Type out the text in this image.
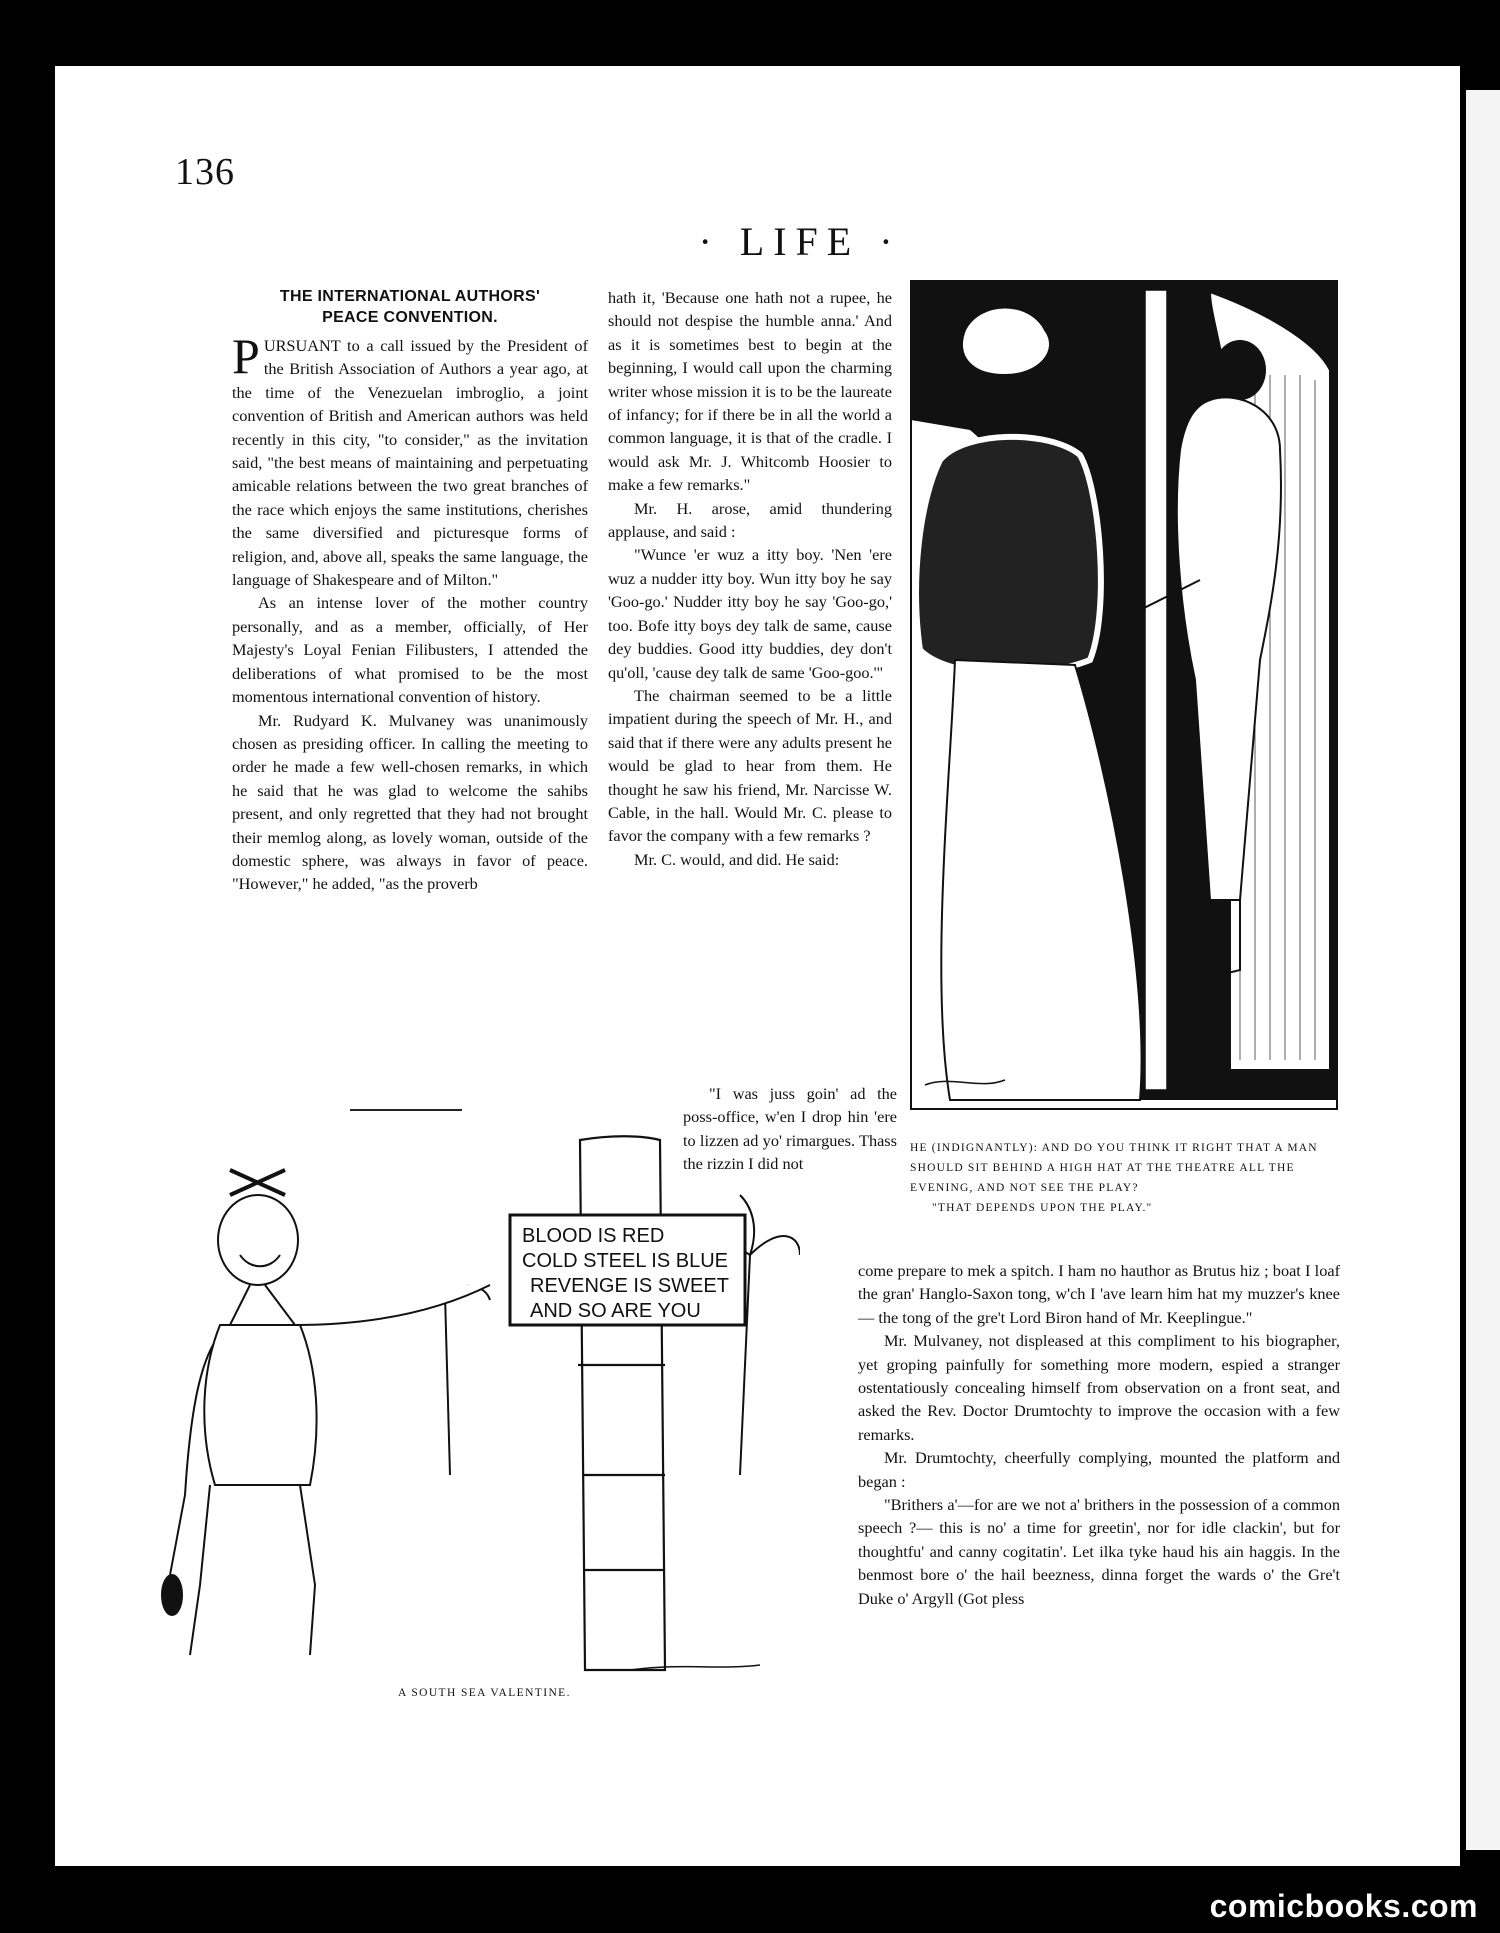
136
· LIFE ·
THE INTERNATIONAL AUTHORS'
PEACE CONVENTION.

PURSUANT to a call issued by the President of the British Association of Authors a year ago, at the time of the Venezuelan imbroglio, a joint convention of British and American authors was held recently in this city, "to consider," as the invitation said, "the best means of maintaining and perpetuating amicable relations between the two great branches of the race which enjoys the same institutions, cherishes the same diversified and picturesque forms of religion, and, above all, speaks the same language, the language of Shakespeare and of Milton."

As an intense lover of the mother country personally, and as a member, officially, of Her Majesty's Loyal Fenian Filibusters, I attended the deliberations of what promised to be the most momentous international convention of history.

Mr. Rudyard K. Mulvaney was unanimously chosen as presiding officer. In calling the meeting to order he made a few well-chosen remarks, in which he said that he was glad to welcome the sahibs present, and only regretted that they had not brought their memlog along, as lovely woman, outside of the domestic sphere, was always in favor of peace. "However," he added, "as the proverb

hath it, 'Because one hath not a rupee, he should not despise the humble anna.' And as it is sometimes best to begin at the beginning, I would call upon the charming writer whose mission it is to be the laureate of infancy; for if there be in all the world a common language, it is that of the cradle. I would ask Mr. J. Whitcomb Hoosier to make a few remarks."

Mr. H. arose, amid thundering applause, and said :

"Wunce 'er wuz a itty boy. 'Nen 'ere wuz a nudder itty boy. Wun itty boy he say 'Goo-go.' Nudder itty boy he say 'Goo-go,' too. Bofe itty boys dey talk de same, cause dey buddies. Good itty buddies, dey don't qu'oll, 'cause dey talk de same 'Goo-goo.'"

The chairman seemed to be a little impatient during the speech of Mr. H., and said that if there were any adults present he would be glad to hear from them. He thought he saw his friend, Mr. Narcisse W. Cable, in the hall. Would Mr. C. please to favor the company with a few remarks ?

Mr. C. would, and did. He said:

"I was juss goin' ad the poss-office, w'en I drop hin 'ere to lizzen ad yo' rimargues. Thass the rizzin I did not

HE (INDIGNANTLY): AND DO YOU THINK IT RIGHT THAT A MAN SHOULD SIT BEHIND A HIGH HAT AT THE THEATRE ALL THE EVENING, AND NOT SEE THE PLAY?

"THAT DEPENDS UPON THE PLAY."

BLOOD IS RED
COLD STEEL IS BLUE
REVENGE IS SWEET
AND SO ARE YOU
A SOUTH SEA VALENTINE.

come prepare to mek a spitch. I ham no hauthor as Brutus hiz ; boat I loaf the gran' Hanglo-Saxon tong, w'ch I 'ave learn him hat my muzzer's knee — the tong of the gre't Lord Biron hand of Mr. Keeplingue."

Mr. Mulvaney, not displeased at this compliment to his biographer, yet groping painfully for something more modern, espied a stranger ostentatiously concealing himself from observation on a front seat, and asked the Rev. Doctor Drumtochty to improve the occasion with a few remarks.

Mr. Drumtochty, cheerfully complying, mounted the platform and began :

"Brithers a'—for are we not a' brithers in the possession of a common speech ?— this is no' a time for greetin', nor for idle clackin', but for thoughtfu' and canny cogitatin'. Let ilka tyke haud his ain haggis. In the benmost bore o' the hail beezness, dinna forget the wards o' the Gre't Duke o' Argyll (Got pless

comicbooks.com
